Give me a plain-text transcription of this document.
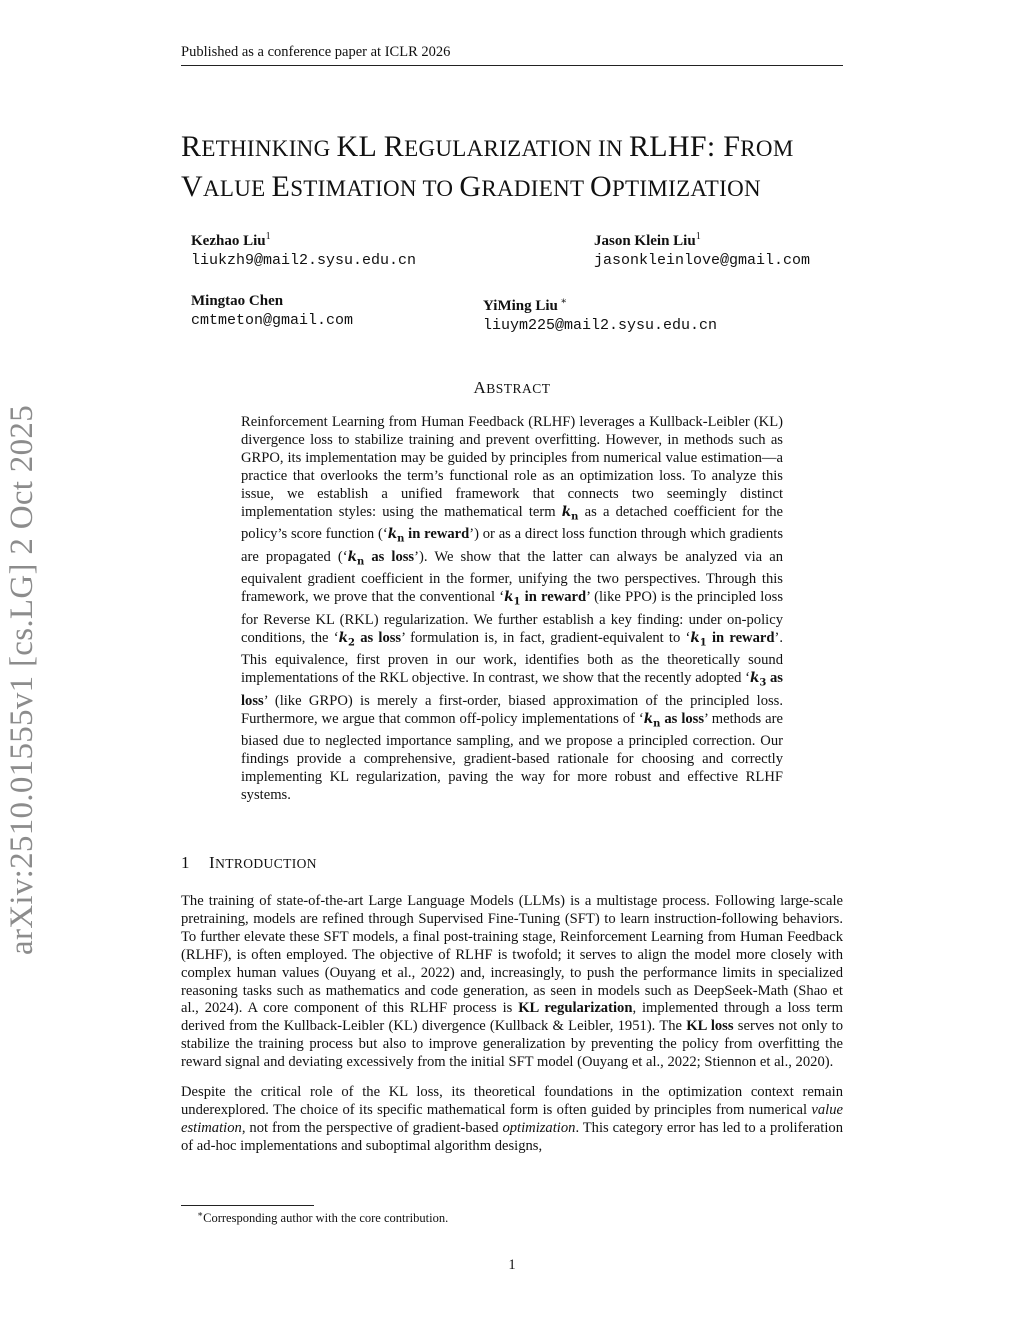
Published as a conference paper at ICLR 2026
arXiv:2510.01555v1 [cs.LG] 2 Oct 2025
RETHINKING KL REGULARIZATION IN RLHF: FROM
VALUE ESTIMATION TO GRADIENT OPTIMIZATION
Kezhao Liu$^1$
liukzh9@mail2.sysu.edu.cn
Jason Klein Liu$^1$
jasonkleinlove@gmail.com
Mingtao Chen
cmtmeton@gmail.com
YiMing Liu ∗
liuym225@mail2.sysu.edu.cn
ABSTRACT

Reinforcement Learning from Human Feedback (RLHF) leverages a Kullback-Leibler (KL) divergence loss to stabilize training and prevent overfitting. However, in methods such as GRPO, its implementation may be guided by principles from numerical value estimation—a practice that overlooks the term’s functional role as an optimization loss. To analyze this issue, we establish a unified framework that connects two seemingly distinct implementation styles: using the mathematical term $k_n$ as a detached coefficient for the policy’s score function (‘$k_n$ in reward’) or as a direct loss function through which gradients are propagated (‘$k_n$ as loss’). We show that the latter can always be analyzed via an equivalent gradient coefficient in the former, unifying the two perspectives. Through this framework, we prove that the conventional ‘$k_1$ in reward’ (like PPO) is the principled loss for Reverse KL (RKL) regularization. We further establish a key finding: under on-policy conditions, the ‘$k_2$ as loss’ formulation is, in fact, gradient-equivalent to ‘$k_1$ in reward’. This equivalence, first proven in our work, identifies both as the theoretically sound implementations of the RKL objective. In contrast, we show that the recently adopted ‘$k_3$ as loss’ (like GRPO) is merely a first-order, biased approximation of the principled loss. Furthermore, we argue that common off-policy implementations of ‘$k_n$ as loss’ methods are biased due to neglected importance sampling, and we propose a principled correction. Our findings provide a comprehensive, gradient-based rationale for choosing and correctly implementing KL regularization, paving the way for more robust and effective RLHF systems.

1 INTRODUCTION

The training of state-of-the-art Large Language Models (LLMs) is a multistage process. Following large-scale pretraining, models are refined through Supervised Fine-Tuning (SFT) to learn instruction-following behaviors. To further elevate these SFT models, a final post-training stage, Reinforcement Learning from Human Feedback (RLHF), is often employed. The objective of RLHF is twofold; it serves to align the model more closely with complex human values (Ouyang et al., 2022) and, increasingly, to push the performance limits in specialized reasoning tasks such as mathematics and code generation, as seen in models such as DeepSeek-Math (Shao et al., 2024). A core component of this RLHF process is KL regularization, implemented through a loss term derived from the Kullback-Leibler (KL) divergence (Kullback & Leibler, 1951). The KL loss serves not only to stabilize the training process but also to improve generalization by preventing the policy from overfitting the reward signal and deviating excessively from the initial SFT model (Ouyang et al., 2022; Stiennon et al., 2020).

Despite the critical role of the KL loss, its theoretical foundations in the optimization context remain underexplored. The choice of its specific mathematical form is often guided by principles from numerical value estimation, not from the perspective of gradient-based optimization. This category error has led to a proliferation of ad-hoc implementations and suboptimal algorithm designs,

∗Corresponding author with the core contribution.
1
